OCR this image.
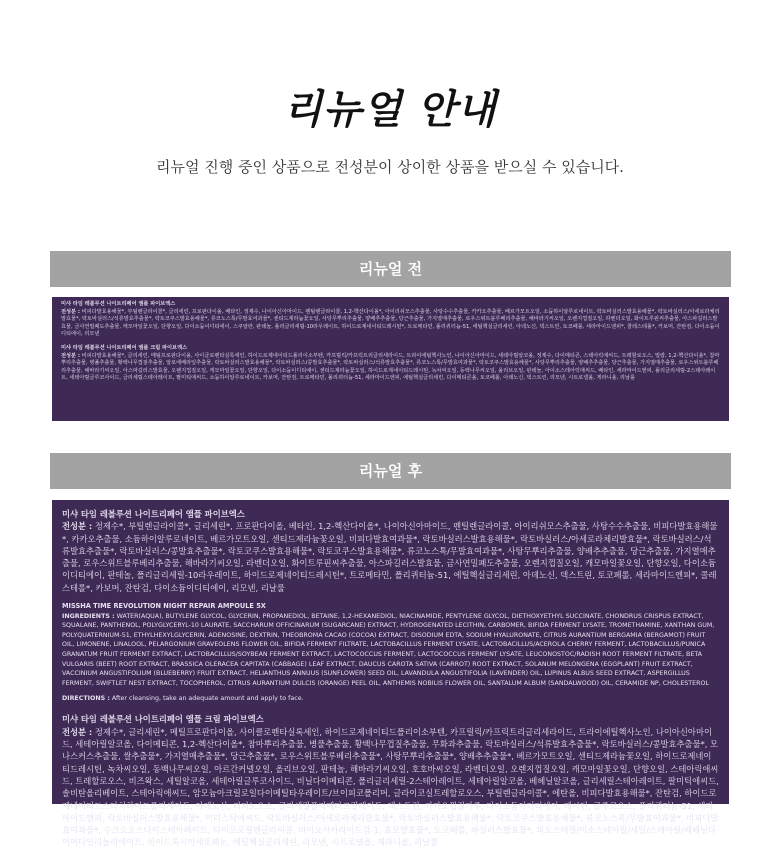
리뉴얼 안내
리뉴얼 진행 중인 상품으로 전성분이 상이한 상품을 받으실 수 있습니다.
리뉴얼 전
미샤 타임 레볼루션 나이트리페어 앰플 파이브엑스
전성분 : 비피다발효용해물*, 부틸렌글라이콜*, 글리세린, 프로판다이올, 베타인, 정제수, 나이아신아마이드, 펜틸렌글라이콜, 1,2-헥산다이올*, 아이리쉬모스추출물, 사탕수수추출물, 카카오추출물, 베르가모트오일, 소듐하이알루로네이트, 락토바실러스발효용해물*, 락토바실러스/아세로라체리발효물*, 락토바실러스/석류발효추출물*, 락토코쿠스발효용해물*, 류코노스톡/무발효여과물*, 센티드제라늄꽃오일, 사탕무뿌리추출물, 양배추추출물, 당근추출물, 가지열매추출물, 로우스위트블루베리추출물, 해바라기씨오일, 오렌지껍질오일, 라벤더오일, 화이트루핀씨추출물, 아스파길러스발효물, 금사연밀폐도추출물, 캐모마일꽃오일, 단향오일, 다이소듐이디티에이, 스쿠알란, 판테놀, 폴리글리세릴-10라우레이트, 하이드로제네이티드레시틴*, 트로메타민, 폴리퀴터늄-51, 에틸헥실글리세린, 아데노신, 덱스트린, 토코페롤, 세라마이드엔피*, 콜레스테롤*, 카보머, 잔탄검, 다이소듐이디티에이, 리모넨
미샤 타임 레볼루션 나이트리페어 앰플 크림 파이브엑스
전성분 : 비피다발효용해물*, 글리세린, 메틸프로판다이올, 사이클로펜타실록세인, 하이드로제네이티드폴리이소부텐, 카프릴릭/카프릭트리글리세라이드, 트라이에틸헥사노인, 나이아신아마이드, 세테아릴알코올, 정제수, 다이메티콘, 스테아릭애씨드, 트레할로오스, 밀랍, 1,2-헥산다이올*, 참마뿌리추출물, 병풀추출물, 황백나무껍질추출물, 알로에베라잎추출물, 락토바실러스발효용해물*, 락토바실러스/콩발효추출물*, 락토바실러스/석류발효추출물*, 류코노스톡/무발효여과물*, 락토코쿠스발효용해물*, 사탕무뿌리추출물, 양배추추출물, 당근추출물, 가지열매추출물, 로우스위트블루베리추출물, 해바라기씨오일, 아스파길러스발효물, 오렌지껍질오일, 캐모마일꽃오일, 단향오일, 다이소듐이디티에이, 센티드제라늄꽃오일, 하이드로제네이티드레시틴, 녹차씨오일, 동백나무씨오일, 올리브오일, 판테놀, 아이소스테아릭애씨드, 베타인, 세라마이드엔피, 폴리글리세릴-2스테아레이트, 세테아릴글루코사이드, 글리세릴스테아레이트, 팔미틱애씨드, 소듐하이알루로네이트, 카보머, 잔탄검, 트로메타민, 폴리퀴터늄-51, 세라마이드엔피, 에틸헥실글리세린, 다이메티콘올, 토코페롤, 아데노신, 덱스트린, 리모넨, 시트로넬올, 게라니올, 리날룰
리뉴얼 후
미샤 타임 레볼루션 나이트리페어 앰플 파이브엑스
전성분 : 정제수*, 부틸렌글라이콜*, 글리세린*, 프로판다이올, 베타인, 1,2-헥산다이올*, 나이아신아마이드, 펜틸렌글라이콜, 아이리쉬모스추출물, 사탕수수추출물, 비피다발효용해물*, 카카오추출물, 소듐하이알루로네이트, 베르가모트오일, 센티드제라늄꽃오일, 비피다발효여과물*, 락토바실러스발효용해물*, 락토바실러스/아세로라체리발효물*, 락토바실러스/석류발효추출물*, 락토바실러스/콩발효추출물*, 락토코쿠스발효용해물*, 락토코쿠스발효용해물*, 류코노스톡/무발효여과물*, 사탕무뿌리추출물, 양배추추출물, 당근추출물, 가지열매추출물, 로우스위트블루베리추출물, 해바라기씨오일, 라벤더오일, 화이트루핀씨추출물, 아스파길러스발효물, 금사연밀폐도추출물, 오렌지껍질오일, 캐모마일꽃오일, 단향오일, 다이소듐이디티에이, 판테놀, 폴리글리세릴-10라우레이트, 하이드로제네이티드레시틴*, 트로메타민, 폴리퀴터늄-51, 에틸헥실글리세린, 아데노신, 덱스트린, 토코페롤, 세라마이드엔피*, 콜레스테롤*, 카보머, 잔탄검, 다이소듐이디티에이, 리모넨, 리날룰
MISSHA TIME REVOLUTION NIGHT REPAIR AMPOULE 5X
INGREDIENTS : WATER(AQUA), BUTYLENE GLYCOL, GLYCERIN, PROPANEDIOL, BETAINE, 1,2-HEXANEDIOL, NIACINAMIDE, PENTYLENE GLYCOL, DIETHOXYETHYL SUCCINATE, CHONDRUS CRISPUS EXTRACT, SQUALANE, PANTHENOL, POLYGLYCERYL-10 LAURATE, SACCHARUM OFFICINARUM (SUGARCANE) EXTRACT, HYDROGENATED LECITHIN, CARBOMER, BIFIDA FERMENT LYSATE, TROMETHAMINE, XANTHAN GUM, POLYQUATERNIUM-51, ETHYLHEXYLGLYCERIN, ADENOSINE, DEXTRIN, THEOBROMA CACAO (COCOA) EXTRACT, DISODIUM EDTA, SODIUM HYALURONATE, CITRUS AURANTIUM BERGAMIA (BERGAMOT) FRUIT OIL, LIMONENE, LINALOOL, PELARGONIUM GRAVEOLENS FLOWER OIL, BIFIDA FERMENT FILTRATE, LACTOBACILLUS FERMENT LYSATE, LACTOBACILLUS/ACEROLA CHERRY FERMENT, LACTOBACILLUS/PUNICA GRANATUM FRUIT FERMENT EXTRACT, LACTOBACILLUS/SOYBEAN FERMENT EXTRACT, LACTOCOCCUS FERMENT, LACTOCOCCUS FERMENT LYSATE, LEUCONOSTOC/RADISH ROOT FERMENT FILTRATE, BETA VULGARIS (BEET) ROOT EXTRACT, BRASSICA OLERACEA CAPITATA (CABBAGE) LEAF EXTRACT, DAUCUS CAROTA SATIVA (CARROT) ROOT EXTRACT, SOLANUM MELONGENA (EGGPLANT) FRUIT EXTRACT, VACCINIUM ANGUSTIFOLIUM (BLUEBERRY) FRUIT EXTRACT, HELIANTHUS ANNUUS (SUNFLOWER) SEED OIL, LAVANDULA ANGUSTIFOLIA (LAVENDER) OIL, LUPINUS ALBUS SEED EXTRACT, ASPERGILLUS FERMENT, SWIFTLET NEST EXTRACT, TOCOPHEROL, CITRUS AURANTIUM DULCIS (ORANGE) PEEL OIL, ANTHEMIS NOBILIS FLOWER OIL, SANTALUM ALBUM (SANDALWOOD) OIL, CERAMIDE NP, CHOLESTEROL
DIRECTIONS : After cleansing, take an adequate amount and apply to face.
미샤 타임 레볼루션 나이트리페어 앰플 크림 파이브엑스
전성분 : 정제수*, 글리세린*, 메틸프로판다이올, 사이클로펜타실록세인, 하이드로제네이티드폴리이소부텐, 카프릴릭/카프릭트리글리세라이드, 트라이에틸헥사노인, 나이아신아마이드, 세테아릴알코올, 다이메티콘, 1,2-헥산다이올*, 참마뿌리추출물, 병풀추출물, 황백나무껍질추출물, 무화과추출물, 락토바실러스/석류발효추출물*, 락토바실러스/콩발효추출물*, 모나스커스추출물, 쌀추출물*, 가지열매추출물*, 당근추출물*, 로우스위트블루베리추출물*, 사탕무뿌리추출물*, 양배추추출물*, 베르가모트오일, 센티드제라늄꽃오일, 하이드로제네이티드레시틴, 녹차씨오일, 동백나무씨오일, 아르간커넬오일, 올리브오일, 판테놀, 해바라기씨오일, 호호바씨오일, 라벤더오일, 오렌지껍질오일, 캐모마일꽃오일, 단향오일, 스테아릭애씨드, 트레할로오스, 비즈왁스, 세틸알코올, 세테아릴글루코사이드, 비닐다이메티콘, 폴리글리세릴-2스테아레이트, 세테아릴알코올, 베헤닐알코올, 글리세릴스테아레이트, 팔미틱애씨드, 솔비탄올리베이트, 스테아릭애씨드, 암모늄아크릴로일다이메틸타우레이트/브이피코폴리머, 글라이코실트레할로오스, 부틸렌글라이콜*, 에탄올, 비피다발효용해물*, 잔탄검, 하이드로제네이티드스타치하이드롤리세이트, 아데노신, 리피노오스, 글리세릴폴리메타크릴레이트, 덱스트린, 카카오껍질가루, 다이소듐이디티에이, 레시틴, 글루코오스, 폴리퀴터늄-51, 세라마이드엔피, 락토바실러스발효용해물*, 미리스틱애씨드, 락토바실러스/아세로라체리발효물*, 락토바실러스발효용해물*, 락토코쿠스발효용해물*, 류코노스톡/무발효여과물*, 비피다발효여과물*, 수크로오스다이스테아레이트, 다이프로필렌글라이콜, 바이오사카라이드검-1, 효모발효물*, 토코페롤, 바실러스발효물*, 피토스테릴/이소스테아릴/세틸/스테아릴/베헤닐다이머다일리놀리에이트, 하이드록시아세토페논, 에틸헥실글리세린, 리모넨, 시트로넬올, 제라니올, 리날룰
